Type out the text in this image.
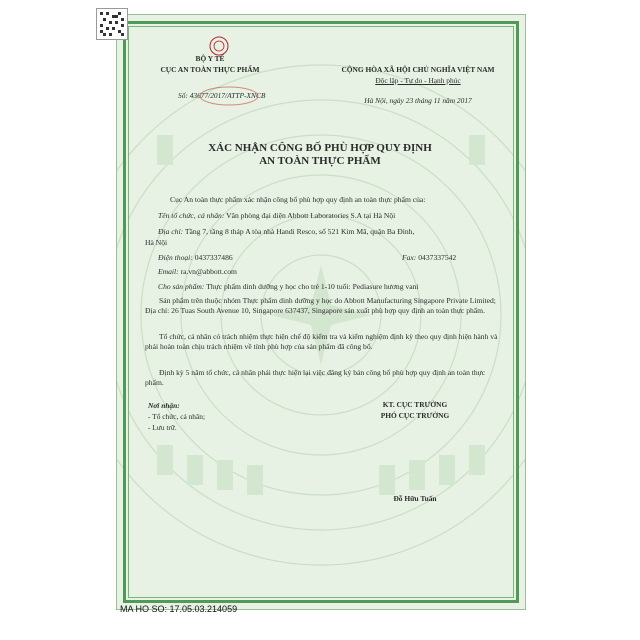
BỘ Y TẾ
CỤC AN TOÀN THỰC PHẨM
Số: 43677/2017/ATTP-XNCB
CỘNG HÒA XÃ HỘI CHỦ NGHĨA VIỆT NAM
Độc lập - Tự do - Hạnh phúc
Hà Nội, ngày 23 tháng 11 năm 2017
XÁC NHẬN CÔNG BỐ PHÙ HỢP QUY ĐỊNH
AN TOÀN THỰC PHẨM
Cục An toàn thực phẩm xác nhận công bố phù hợp quy định an toàn thực phẩm của:
Tên tổ chức, cá nhân: Văn phòng đại diện Abbott Laboratories S.A tại Hà Nội
Địa chỉ: Tầng 7, tầng 8 tháp A tòa nhà Handi Resco, số 521 Kim Mã, quận Ba Đình,
Hà Nội
Điện thoại: 0437337486	Fax: 0437337542
Email: ra.vn@abbott.com
Cho sản phẩm: Thực phẩm dinh dưỡng y học cho trẻ 1-10 tuổi: Pediasure hương vani
Sản phẩm trên thuộc nhóm Thực phẩm dinh dưỡng y học do Abbott Manufacturing Singapore Private Limited; Địa chỉ: 26 Tuas South Avenue 10, Singapore 637437, Singapore sản xuất phù hợp quy định an toàn thực phẩm.
Tổ chức, cá nhân có trách nhiệm thực hiện chế độ kiểm tra và kiểm nghiệm định kỳ theo quy định hiện hành và phải hoàn toàn chịu trách nhiệm về tính phù hợp của sản phẩm đã công bố.
Định kỳ 5 năm tổ chức, cá nhân phải thực hiện lại việc đăng ký bản công bố phù hợp quy định an toàn thực phẩm.
Nơi nhận:
- Tổ chức, cá nhân;
- Lưu trữ.
KT. CỤC TRƯỞNG
PHÓ CỤC TRƯỞNG
Đỗ Hữu Tuấn
MA HO SO: 17.05.03.214059
